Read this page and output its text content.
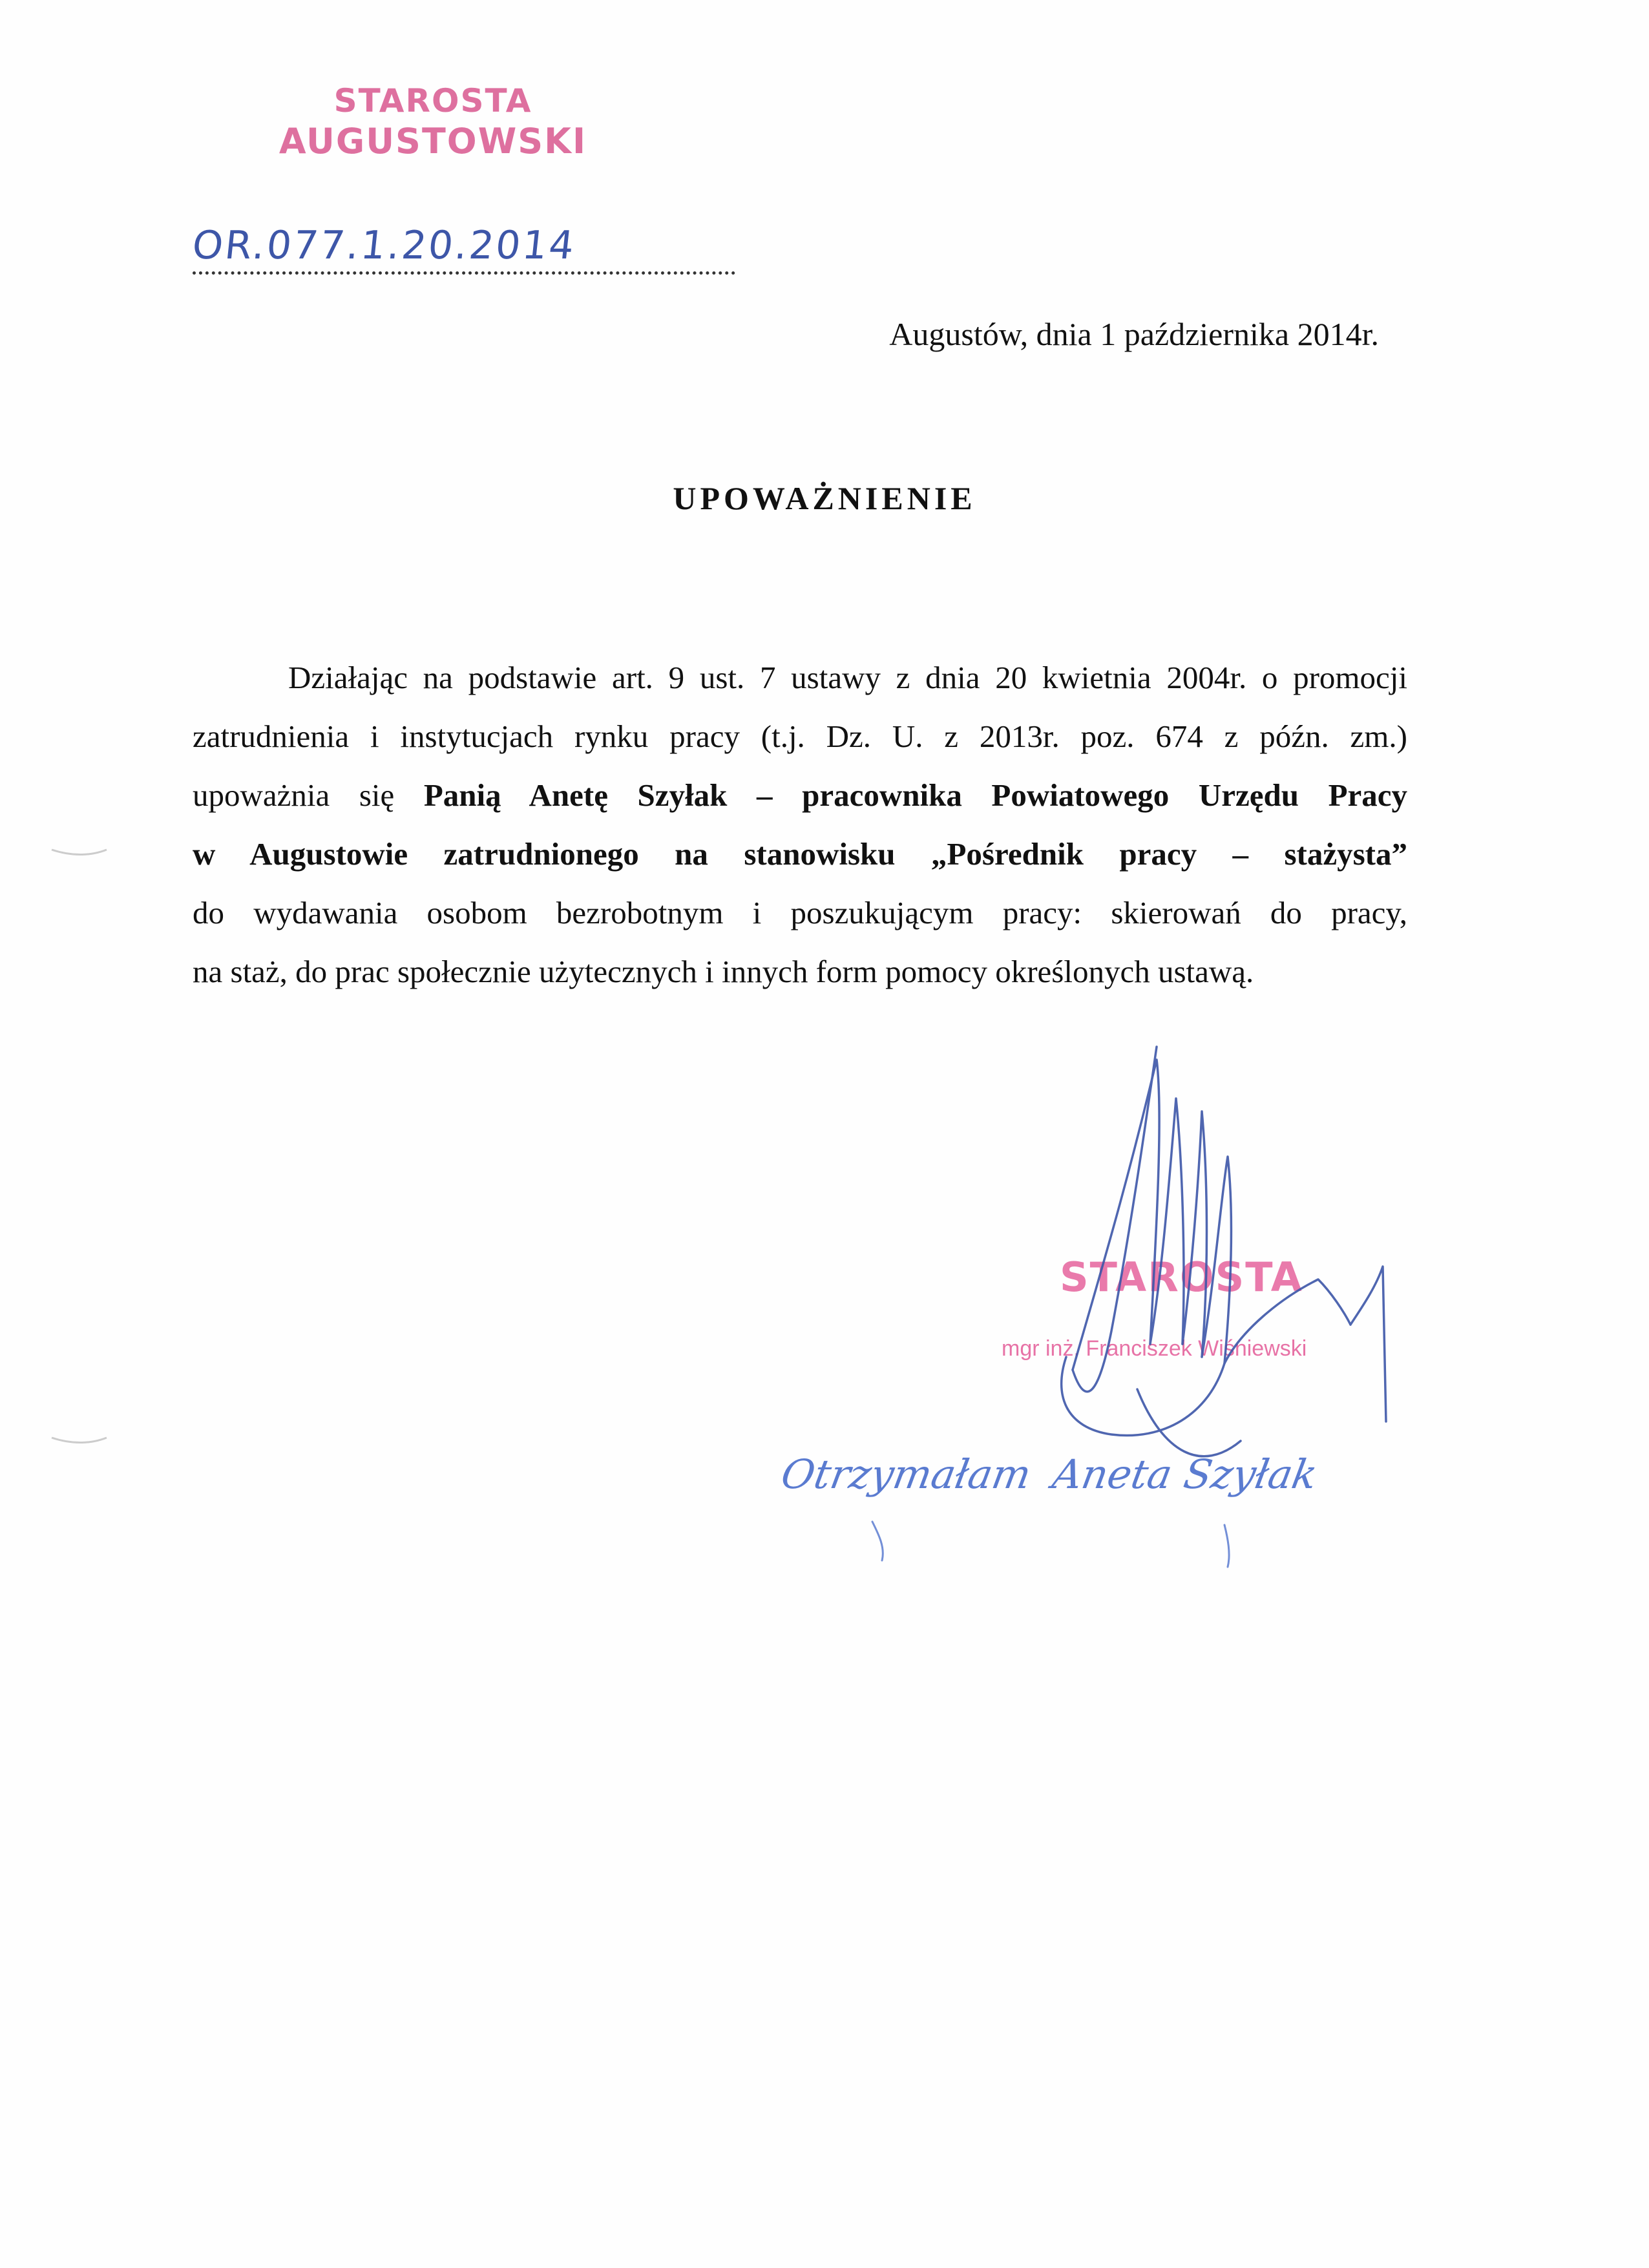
STAROSTA
AUGUSTOWSKI
OR.077.1.20.2014
Augustów, dnia 1 października 2014r.
UPOWAŻNIENIE
Działając na podstawie art. 9 ust. 7 ustawy z dnia 20 kwietnia 2004r. o promocji
zatrudnienia i instytucjach rynku pracy (t.j. Dz. U. z 2013r. poz. 674 z późn. zm.)
upoważnia się Panią Anetę Szyłak – pracownika Powiatowego Urzędu Pracy
w Augustowie zatrudnionego na stanowisku „Pośrednik pracy – stażysta”
do wydawania osobom bezrobotnym i poszukującym pracy: skierowań do pracy,
na staż, do prac społecznie użytecznych i innych form pomocy określonych ustawą.
STAROSTA
mgr inż. Franciszek Wiśniewski
Otrzymałam Aneta Szyłak
